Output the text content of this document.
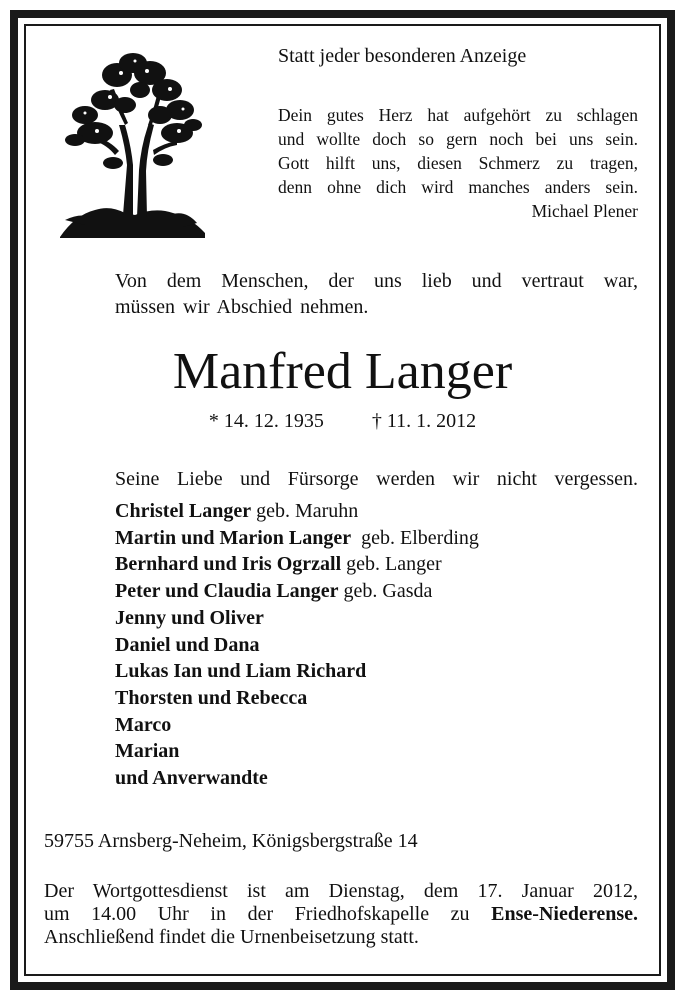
Statt jeder besonderen Anzeige
Dein gutes Herz hat aufgehört zu schlagen
und wollte doch so gern noch bei uns sein.
Gott hilft uns, diesen Schmerz zu tragen,
denn ohne dich wird manches anders sein.
Michael Plener
Von dem Menschen, der uns lieb und vertraut war,
müssen wir Abschied nehmen.
Manfred Langer
* 14. 12. 1935 † 11. 1. 2012
Seine Liebe und Fürsorge werden wir nicht vergessen.
Christel Langer geb. Maruhn
Martin und Marion Langer  geb. Elberding
Bernhard und Iris Ogrzall geb. Langer
Peter und Claudia Langer geb. Gasda
Jenny und Oliver
Daniel und Dana
Lukas Ian und Liam Richard
Thorsten und Rebecca
Marco
Marian
und Anverwandte
59755 Arnsberg-Neheim, Königsbergstraße 14
Der Wortgottesdienst ist am Dienstag, dem 17. Januar 2012,
um 14.00 Uhr in der Friedhofskapelle zu Ense-Niederense.
Anschließend findet die Urnenbeisetzung statt.
